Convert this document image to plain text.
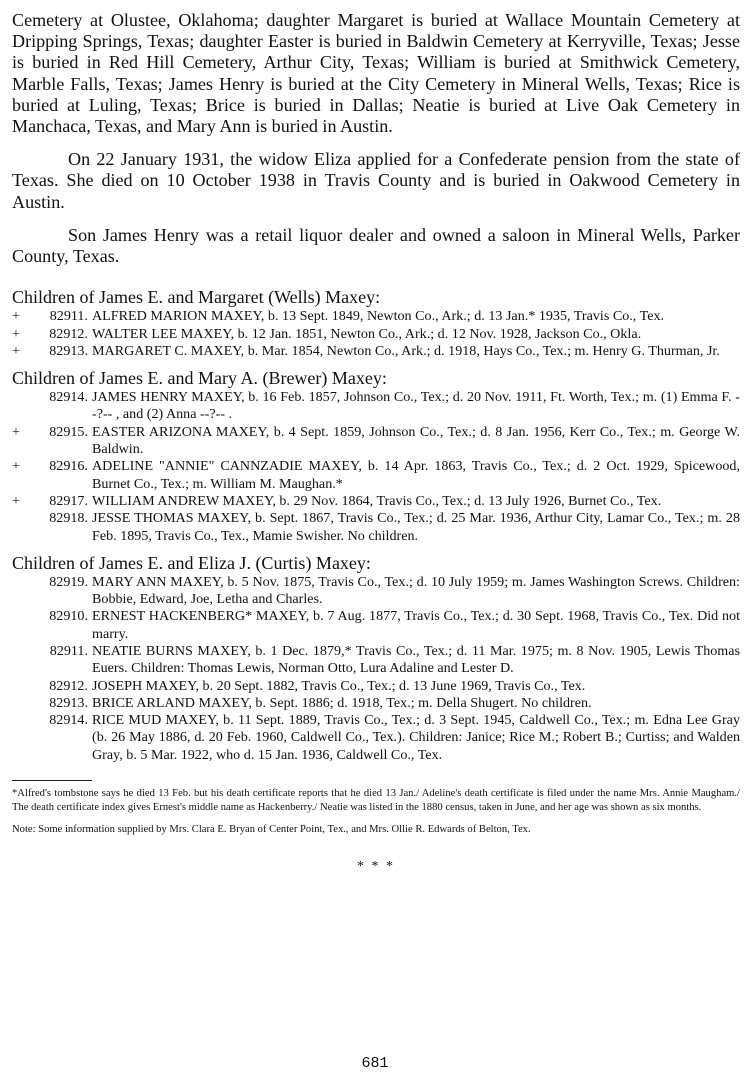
Cemetery at Olustee, Oklahoma; daughter Margaret is buried at Wallace Mountain Cemetery at Dripping Springs, Texas; daughter Easter is buried in Baldwin Cemetery at Kerryville, Texas; Jesse is buried in Red Hill Cemetery, Arthur City, Texas; William is buried at Smithwick Cemetery, Marble Falls, Texas; James Henry is buried at the City Cemetery in Mineral Wells, Texas; Rice is buried at Luling, Texas; Brice is buried in Dallas; Neatie is buried at Live Oak Cemetery in Manchaca, Texas, and Mary Ann is buried in Austin.

On 22 January 1931, the widow Eliza applied for a Confederate pension from the state of Texas. She died on 10 October 1938 in Travis County and is buried in Oakwood Cemetery in Austin.

Son James Henry was a retail liquor dealer and owned a saloon in Mineral Wells, Parker County, Texas.

Children of James E. and Margaret (Wells) Maxey:

+	82911. ALFRED MARION MAXEY, b. 13 Sept. 1849, Newton Co., Ark.; d. 13 Jan.* 1935, Travis Co., Tex.
+	82912. WALTER LEE MAXEY, b. 12 Jan. 1851, Newton Co., Ark.; d. 12 Nov. 1928, Jackson Co., Okla.
+	82913. MARGARET C. MAXEY, b. Mar. 1854, Newton Co., Ark.; d. 1918, Hays Co., Tex.; m. Henry G. Thurman, Jr.

Children of James E. and Mary A. (Brewer) Maxey:

82914. JAMES HENRY MAXEY, b. 16 Feb. 1857, Johnson Co., Tex.; d. 20 Nov. 1911, Ft. Worth, Tex.; m. (1) Emma F. --?-- , and (2) Anna --?-- .
+	82915. EASTER ARIZONA MAXEY, b. 4 Sept. 1859, Johnson Co., Tex.; d. 8 Jan. 1956, Kerr Co., Tex.; m. George W. Baldwin.
+	82916. ADELINE "ANNIE" CANNZADIE MAXEY, b. 14 Apr. 1863, Travis Co., Tex.; d. 2 Oct. 1929, Spicewood, Burnet Co., Tex.; m. William M. Maughan.*
+	82917. WILLIAM ANDREW MAXEY, b. 29 Nov. 1864, Travis Co., Tex.; d. 13 July 1926, Burnet Co., Tex.
82918. JESSE THOMAS MAXEY, b. Sept. 1867, Travis Co., Tex.; d. 25 Mar. 1936, Arthur City, Lamar Co., Tex.; m. 28 Feb. 1895, Travis Co., Tex., Mamie Swisher. No children.

Children of James E. and Eliza J. (Curtis) Maxey:

82919. MARY ANN MAXEY, b. 5 Nov. 1875, Travis Co., Tex.; d. 10 July 1959; m. James Washington Screws. Children: Bobbie, Edward, Joe, Letha and Charles.
82910. ERNEST HACKENBERG* MAXEY, b. 7 Aug. 1877, Travis Co., Tex.; d. 30 Sept. 1968, Travis Co., Tex. Did not marry.
82911. NEATIE BURNS MAXEY, b. 1 Dec. 1879,* Travis Co., Tex.; d. 11 Mar. 1975; m. 8 Nov. 1905, Lewis Thomas Euers. Children: Thomas Lewis, Norman Otto, Lura Adaline and Lester D.
82912. JOSEPH MAXEY, b. 20 Sept. 1882, Travis Co., Tex.; d. 13 June 1969, Travis Co., Tex.
82913. BRICE ARLAND MAXEY, b. Sept. 1886; d. 1918, Tex.; m. Della Shugert. No children.
82914. RICE MUD MAXEY, b. 11 Sept. 1889, Travis Co., Tex.; d. 3 Sept. 1945, Caldwell Co., Tex.; m. Edna Lee Gray (b. 26 May 1886, d. 20 Feb. 1960, Caldwell Co., Tex.). Children: Janice; Rice M.; Robert B.; Curtiss; and Walden Gray, b. 5 Mar. 1922, who d. 15 Jan. 1936, Caldwell Co., Tex.

*Alfred's tombstone says he died 13 Feb. but his death certificate reports that he died 13 Jan./ Adeline's death certificate is filed under the name Mrs. Annie Maugham./ The death certificate index gives Ernest's middle name as Hackenberry./ Neatie was listed in the 1880 census, taken in June, and her age was shown as six months.

Note: Some information supplied by Mrs. Clara E. Bryan of Center Point, Tex., and Mrs. Ollie R. Edwards of Belton, Tex.

* * *

681
